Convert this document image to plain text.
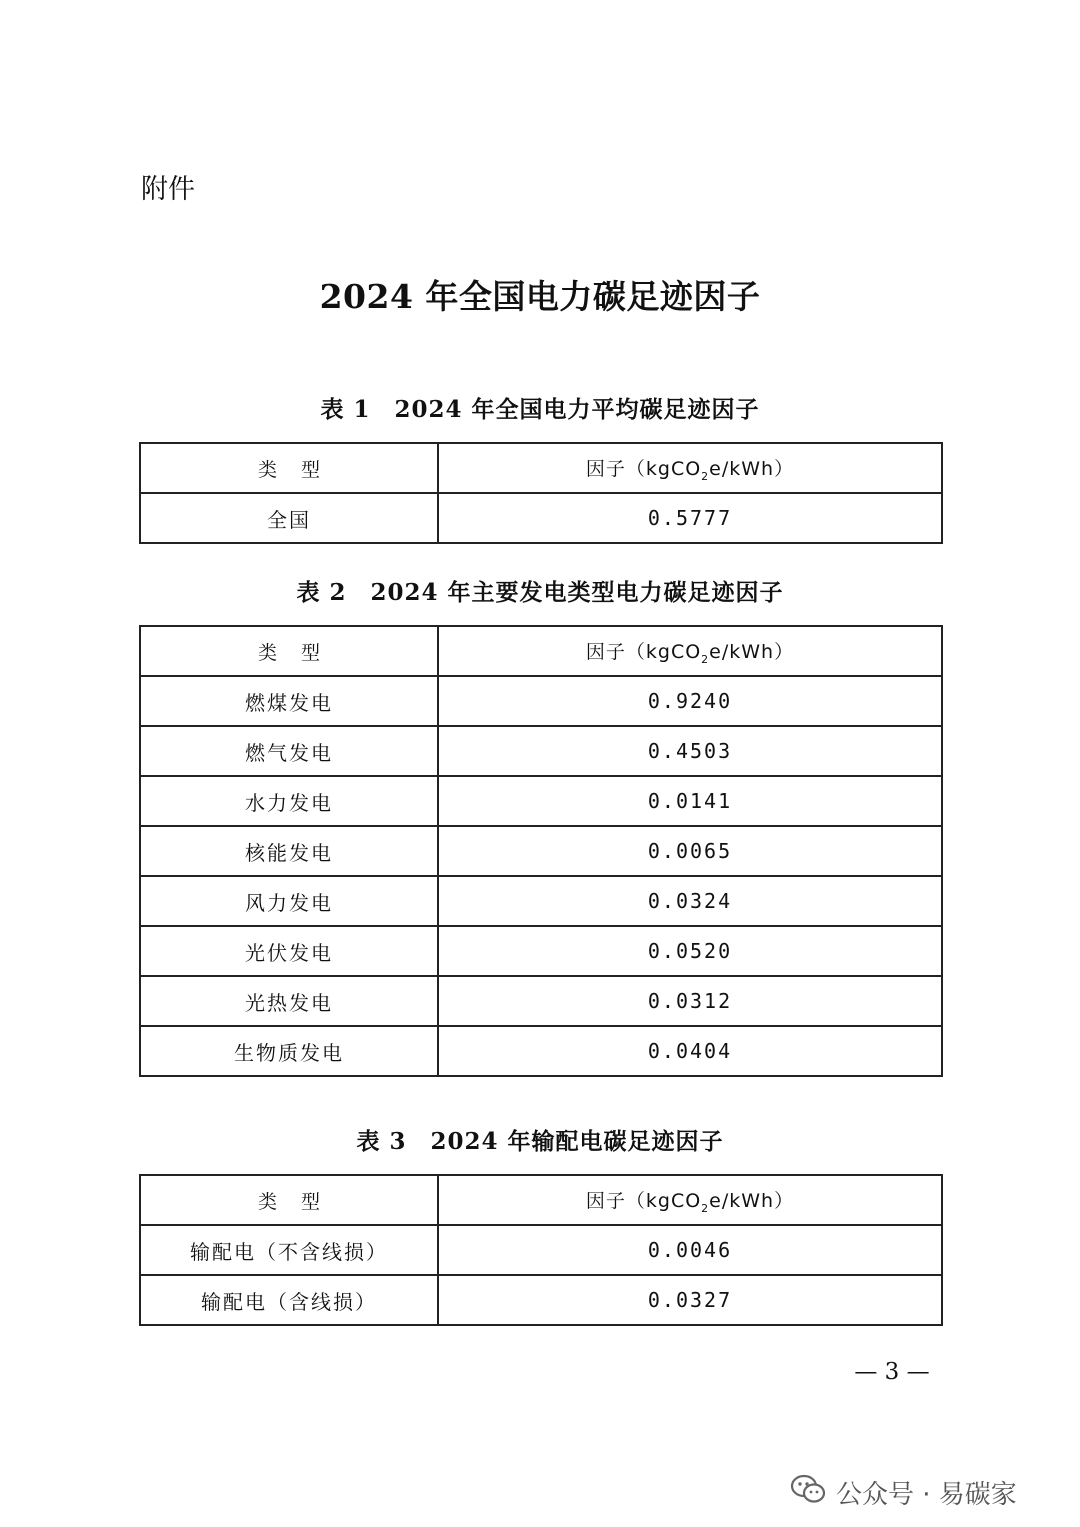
附件
2024 年全国电力碳足迹因子
表 1 2024 年全国电力平均碳足迹因子
类型	因子（kgCO$_2$e/kWh）
全国	0.5777
表 2 2024 年主要发电类型电力碳足迹因子
类型	因子（kgCO$_2$e/kWh）
燃煤发电	0.9240
燃气发电	0.4503
水力发电	0.0141
核能发电	0.0065
风力发电	0.0324
光伏发电	0.0520
光热发电	0.0312
生物质发电	0.0404
表 3 2024 年输配电碳足迹因子
类型	因子（kgCO$_2$e/kWh）
输配电（不含线损）	0.0046
输配电（含线损）	0.0327
— 3 —
公众号 · 易碳家
